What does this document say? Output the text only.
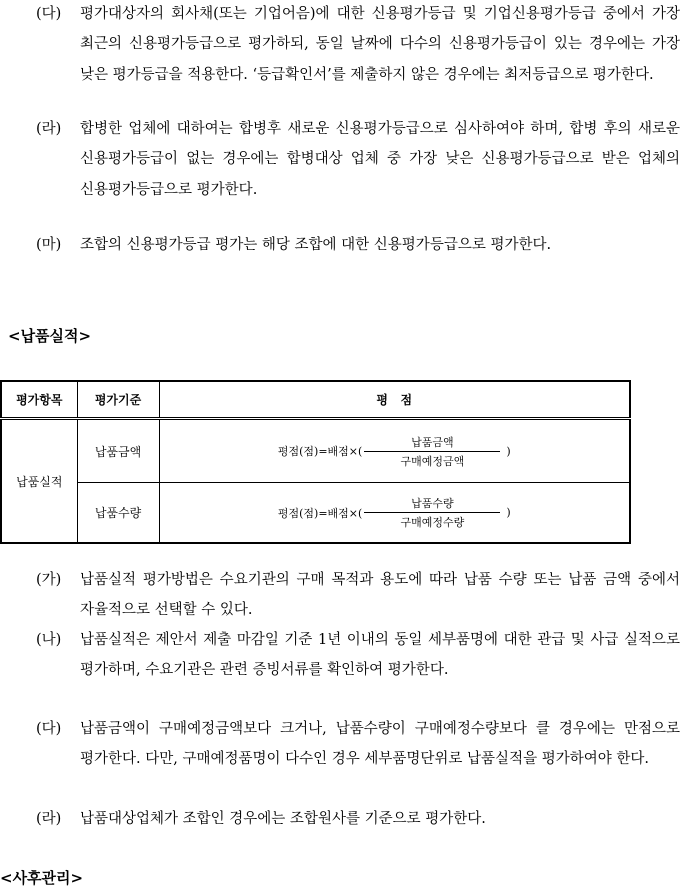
(다) 평가대상자의 회사채(또는 기업어음)에 대한 신용평가등급 및 기업신용평가등급 중에서 가장 최근의 신용평가등급으로 평가하되, 동일 날짜에 다수의 신용평가등급이 있는 경우에는 가장 낮은 평가등급을 적용한다. ‘등급확인서’를 제출하지 않은 경우에는 최저등급으로 평가한다.
(라) 합병한 업체에 대하여는 합병후 새로운 신용평가등급으로 심사하여야 하며, 합병 후의 새로운 신용평가등급이 없는 경우에는 합병대상 업체 중 가장 낮은 신용평가등급으로 받은 업체의 신용평가등급으로 평가한다.
(마) 조합의 신용평가등급 평가는 해당 조합에 대한 신용평가등급으로 평가한다.
<납품실적>
평가항목	평가기준	평   점
납품실적	납품금액	평점(점)=배점×( $\frac{\text{납품금액}}{\text{구매예정금액}}$ )

	납품수량	평점(점)=배점×( $\frac{\text{납품수량}}{\text{구매예정수량}}$ )
(가) 납품실적 평가방법은 수요기관의 구매 목적과 용도에 따라 납품 수량 또는 납품 금액 중에서 자율적으로 선택할 수 있다.
(나) 납품실적은 제안서 제출 마감일 기준 1년 이내의 동일 세부품명에 대한 관급 및 사급 실적으로 평가하며, 수요기관은 관련 증빙서류를 확인하여 평가한다.
(다) 납품금액이 구매예정금액보다 크거나, 납품수량이 구매예정수량보다 클 경우에는 만점으로 평가한다. 다만, 구매예정품명이 다수인 경우 세부품명단위로 납품실적을 평가하여야 한다.
(라) 납품대상업체가 조합인 경우에는 조합원사를 기준으로 평가한다.
<사후관리>
